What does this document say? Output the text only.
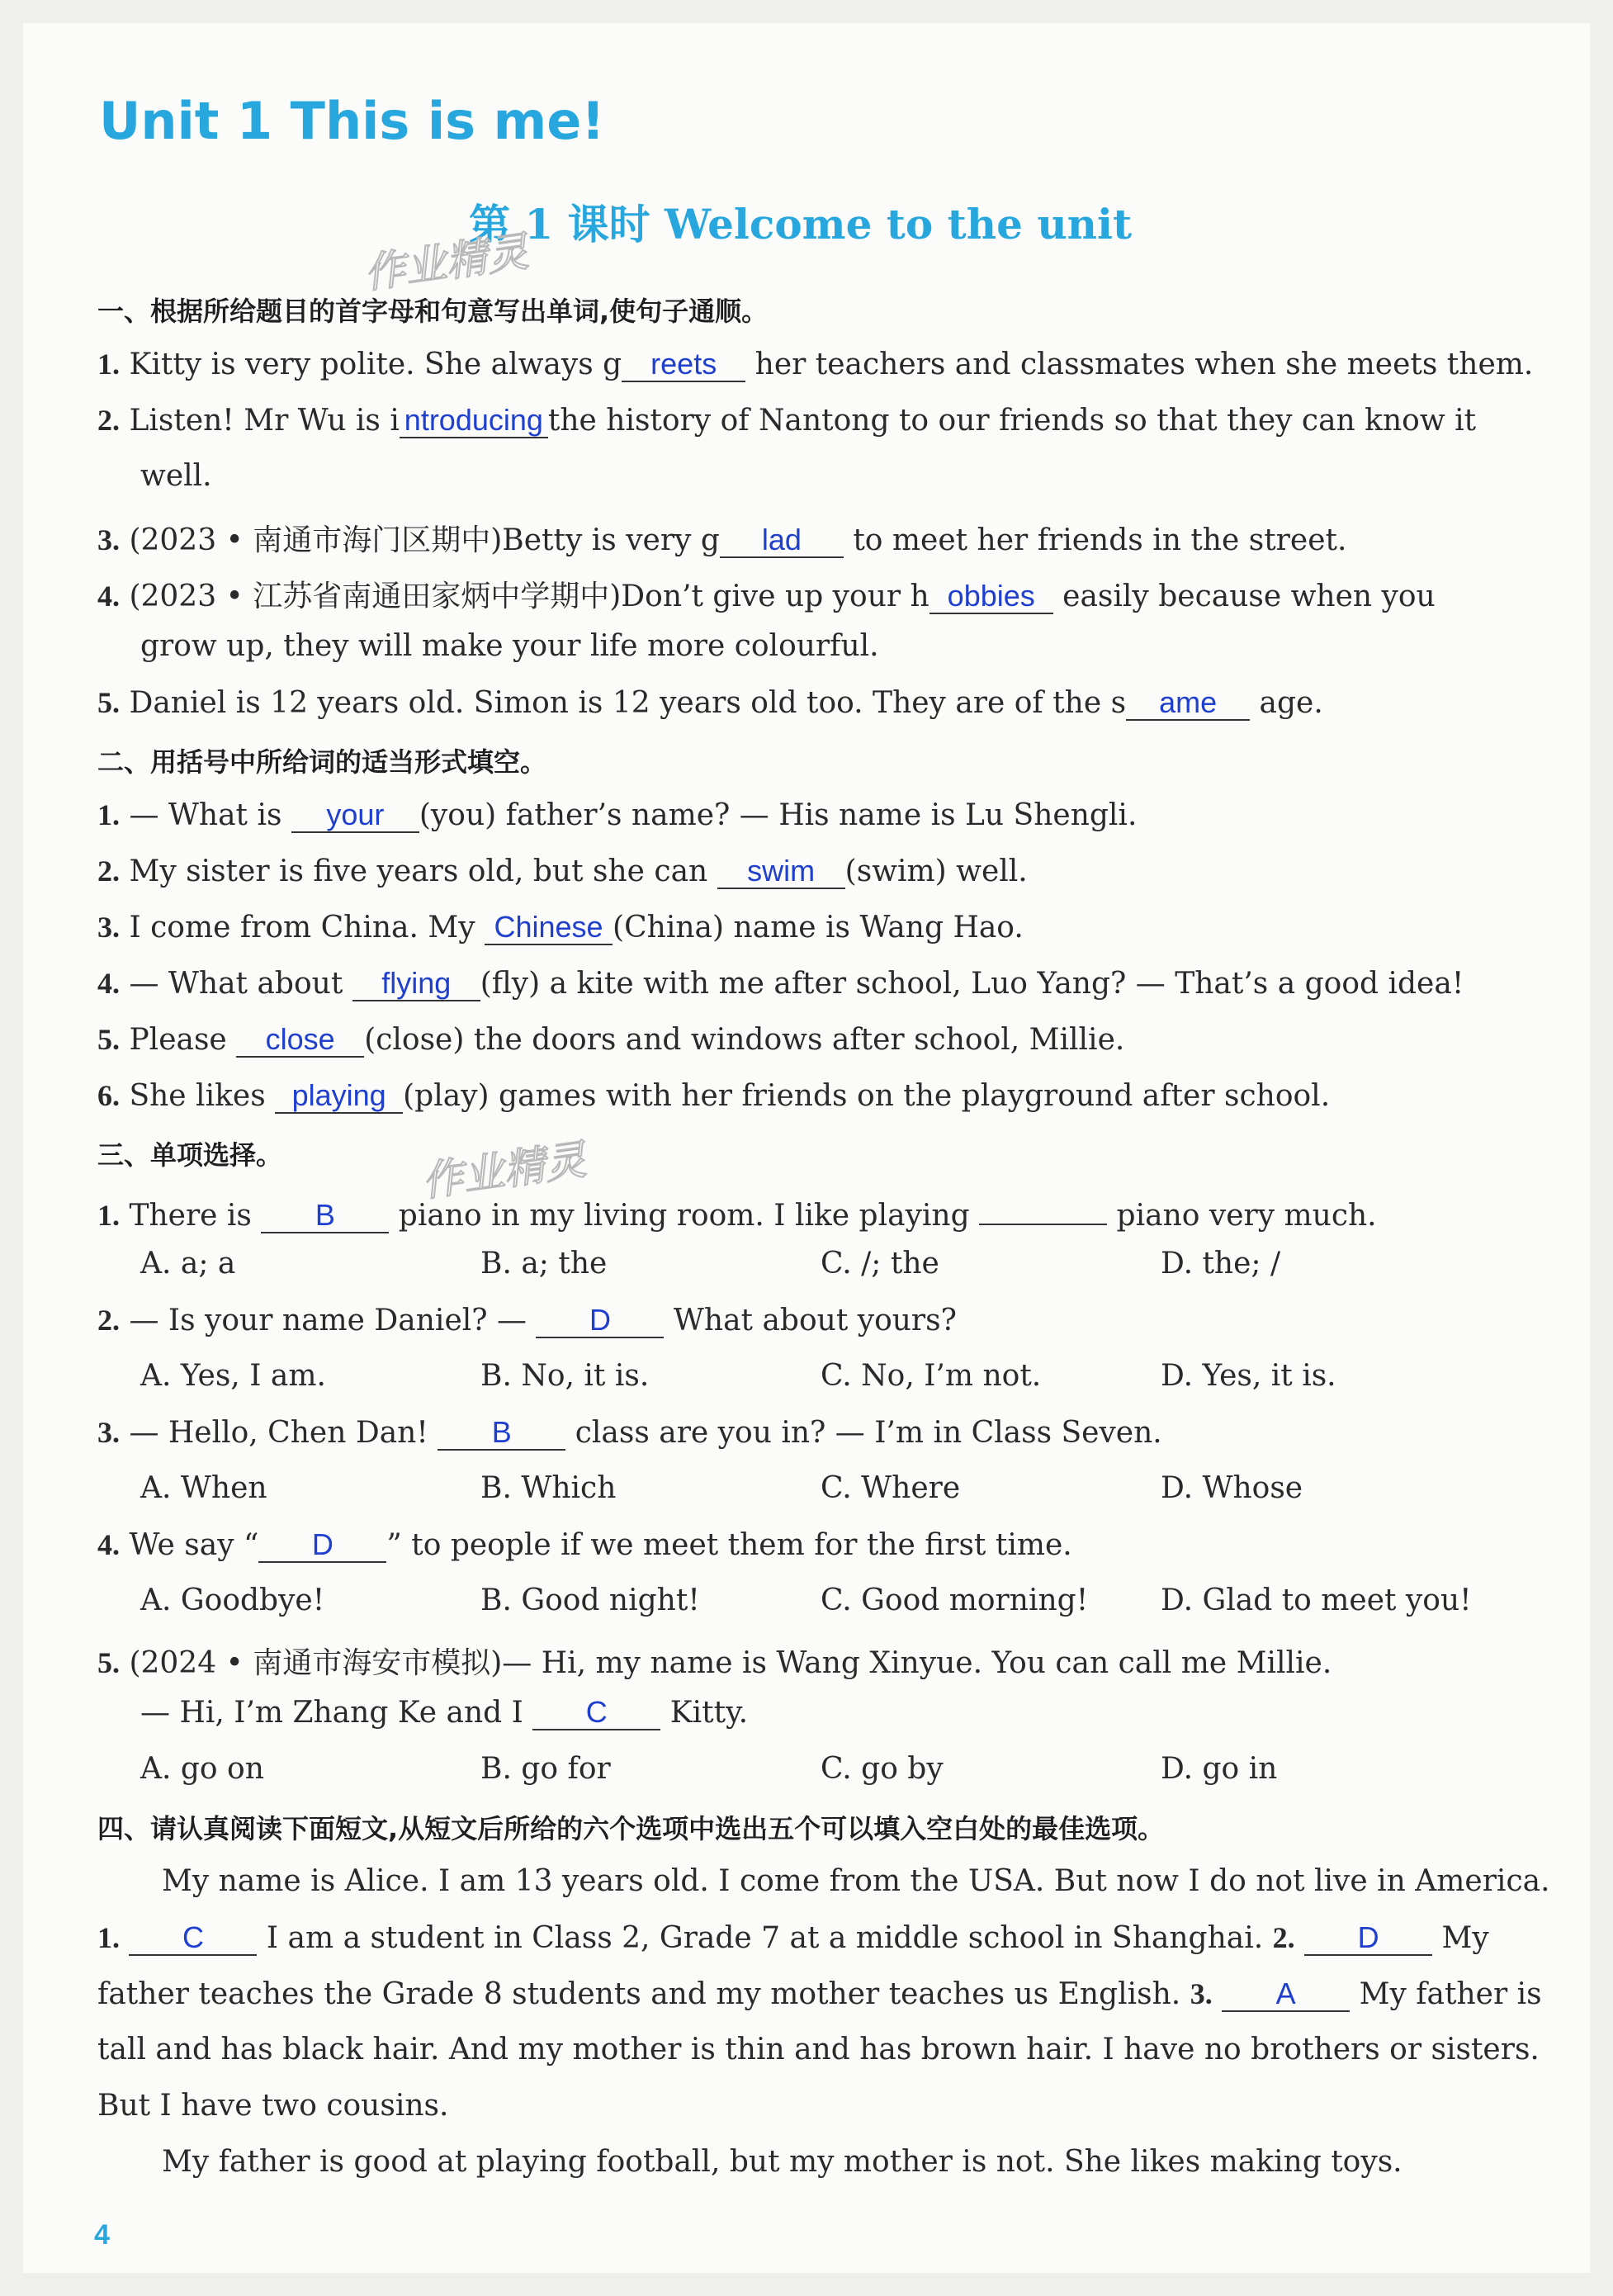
Unit 1 This is me!
第 1 课时 Welcome to the unit
作业精灵
作业精灵
一、根据所给题目的首字母和句意写出单词,使句子通顺。
1. Kitty is very polite. She always g reets her teachers and classmates when she meets them.
2. Listen! Mr Wu is i ntroducing the history of Nantong to our friends so that they can know it
well.
3. (2023 • 南通市海门区期中)Betty is very g lad to meet her friends in the street.
4. (2023 • 江苏省南通田家炳中学期中)Don’t give up your h obbies easily because when you
grow up, they will make your life more colourful.
5. Daniel is 12 years old. Simon is 12 years old too. They are of the s ame age.
二、用括号中所给词的适当形式填空。
1. — What is your (you) father’s name? — His name is Lu Shengli.
2. My sister is five years old, but she can swim (swim) well.
3. I come from China. My Chinese (China) name is Wang Hao.
4. — What about flying (fly) a kite with me after school, Luo Yang? — That’s a good idea!
5. Please close (close) the doors and windows after school, Millie.
6. She likes playing (play) games with her friends on the playground after school.
三、单项选择。
1. There is B piano in my living room. I like playing	piano very much.
A. a; a	B. a; the	C. /; the	D. the; /
2. — Is your name Daniel? — D What about yours?
A. Yes, I am.	B. No, it is.	C. No, I’m not.	D. Yes, it is.
3. — Hello, Chen Dan! B class are you in? — I’m in Class Seven.
A. When	B. Which	C. Where	D. Whose
4. We say “ D ” to people if we meet them for the first time.
A. Goodbye!	B. Good night!	C. Good morning! D. Glad to meet you!
5. (2024 • 南通市海安市模拟)— Hi, my name is Wang Xinyue. You can call me Millie.
— Hi, I’m Zhang Ke and I C Kitty.
A. go on	B. go for	C. go by	D. go in
四、请认真阅读下面短文,从短文后所给的六个选项中选出五个可以填入空白处的最佳选项。
My name is Alice. I am 13 years old. I come from the USA. But now I do not live in America.
1. C I am a student in Class 2, Grade 7 at a middle school in Shanghai. 2. D My
father teaches the Grade 8 students and my mother teaches us English. 3. A My father is
tall and has black hair. And my mother is thin and has brown hair. I have no brothers or sisters.
But I have two cousins.
My father is good at playing football, but my mother is not. She likes making toys.
4
